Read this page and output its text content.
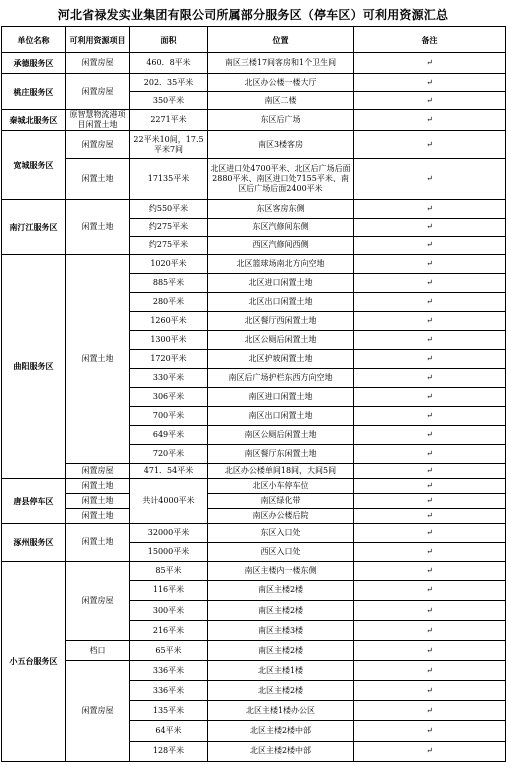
河北省禄发实业集团有限公司所属部分服务区（停车区）可利用资源汇总
单位名称	可利用资源项目	面积	位置	备注
承德服务区	闲置房屋	460．8平米	南区三楼17间客房和1个卫生间	↵
桃庄服务区	闲置房屋	202．35平米	北区办公楼一楼大厅	↵
		350平米	南区二楼	↵
秦城北服务区	原智慧物流港项目闲置土地	2271平米	东区后广场	↵
宽城服务区	闲置房屋	22平米10间，17.5平米7间	南区3楼客房	↵
	闲置土地	17135平米	北区进口处4700平米、北区后广场后面2880平米、南区进口处7155平米、南区后广场后面2400平米	↵
南汀江服务区	闲置土地	约550平米	东区客房东侧	↵
		约275平米	东区汽修间东侧	↵
		约275平米	西区汽修间西侧	↵
曲阳服务区	闲置土地	1020平米	北区篮球场南北方向空地	↵
		885平米	北区进口闲置土地	↵
		280平米	北区出口闲置土地	↵
		1260平米	北区餐厅西闲置土地	↵
		1300平米	北区公厕后闲置土地	↵
		1720平米	北区护坡闲置土地	↵
		330平米	南区后广场护栏东西方向空地	↵
		306平米	南区进口闲置土地	↵
		700平米	南区出口闲置土地	↵
		649平米	南区公厕后闲置土地	↵
		720平米	南区餐厅东闲置土地	↵
	闲置房屋	471．54平米	北区办公楼单间18间，大间5间	↵
唐县停车区	闲置土地	共计4000平米	北区小车停车位	↵
	闲置土地		南区绿化带	↵
	闲置土地		南区办公楼后院	↵
涿州服务区	闲置土地	32000平米	东区入口处	↵
		15000平米	西区入口处	↵
小五台服务区	闲置房屋	85平米	南区主楼内一楼东侧	↵
		116平米	南区主楼2楼	↵
		300平米	南区主楼2楼	↵
		216平米	南区主楼3楼	↵
	档口	65平米	南区主楼2楼	↵
	闲置房屋	336平米	北区主楼1楼	↵
		336平米	北区主楼2楼	↵
		135平米	北区主楼1楼办公区	↵
		64平米	北区主楼2楼中部	↵
		128平米	北区主楼2楼中部	↵
